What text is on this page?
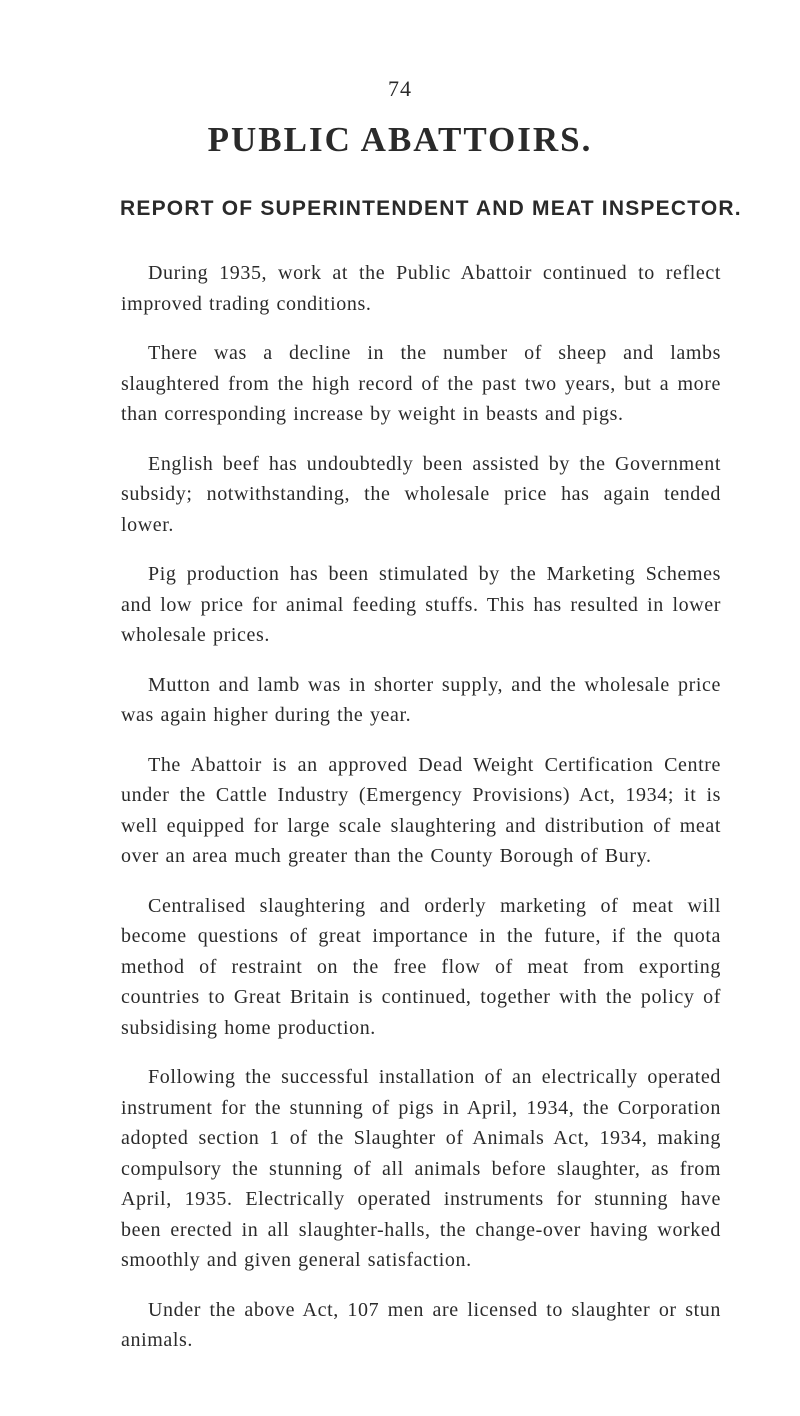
74
PUBLIC ABATTOIRS.
REPORT OF SUPERINTENDENT AND MEAT INSPECTOR.

During 1935, work at the Public Abattoir continued to reflect improved trading conditions.

There was a decline in the number of sheep and lambs slaughtered from the high record of the past two years, but a more than corresponding increase by weight in beasts and pigs.

English beef has undoubtedly been assisted by the Government subsidy; notwithstanding, the wholesale price has again tended lower.

Pig production has been stimulated by the Marketing Schemes and low price for animal feeding stuffs. This has resulted in lower wholesale prices.

Mutton and lamb was in shorter supply, and the wholesale price was again higher during the year.

The Abattoir is an approved Dead Weight Certification Centre under the Cattle Industry (Emergency Provisions) Act, 1934; it is well equipped for large scale slaughtering and distribution of meat over an area much greater than the County Borough of Bury.

Centralised slaughtering and orderly marketing of meat will become questions of great importance in the future, if the quota method of restraint on the free flow of meat from exporting countries to Great Britain is continued, together with the policy of subsidising home production.

Following the successful installation of an electrically operated instrument for the stunning of pigs in April, 1934, the Corporation adopted section 1 of the Slaughter of Animals Act, 1934, making compulsory the stunning of all animals before slaughter, as from April, 1935. Electrically operated instruments for stunning have been erected in all slaughter-halls, the change-over having worked smoothly and given general satisfaction.

Under the above Act, 107 men are licensed to slaughter or stun animals.
